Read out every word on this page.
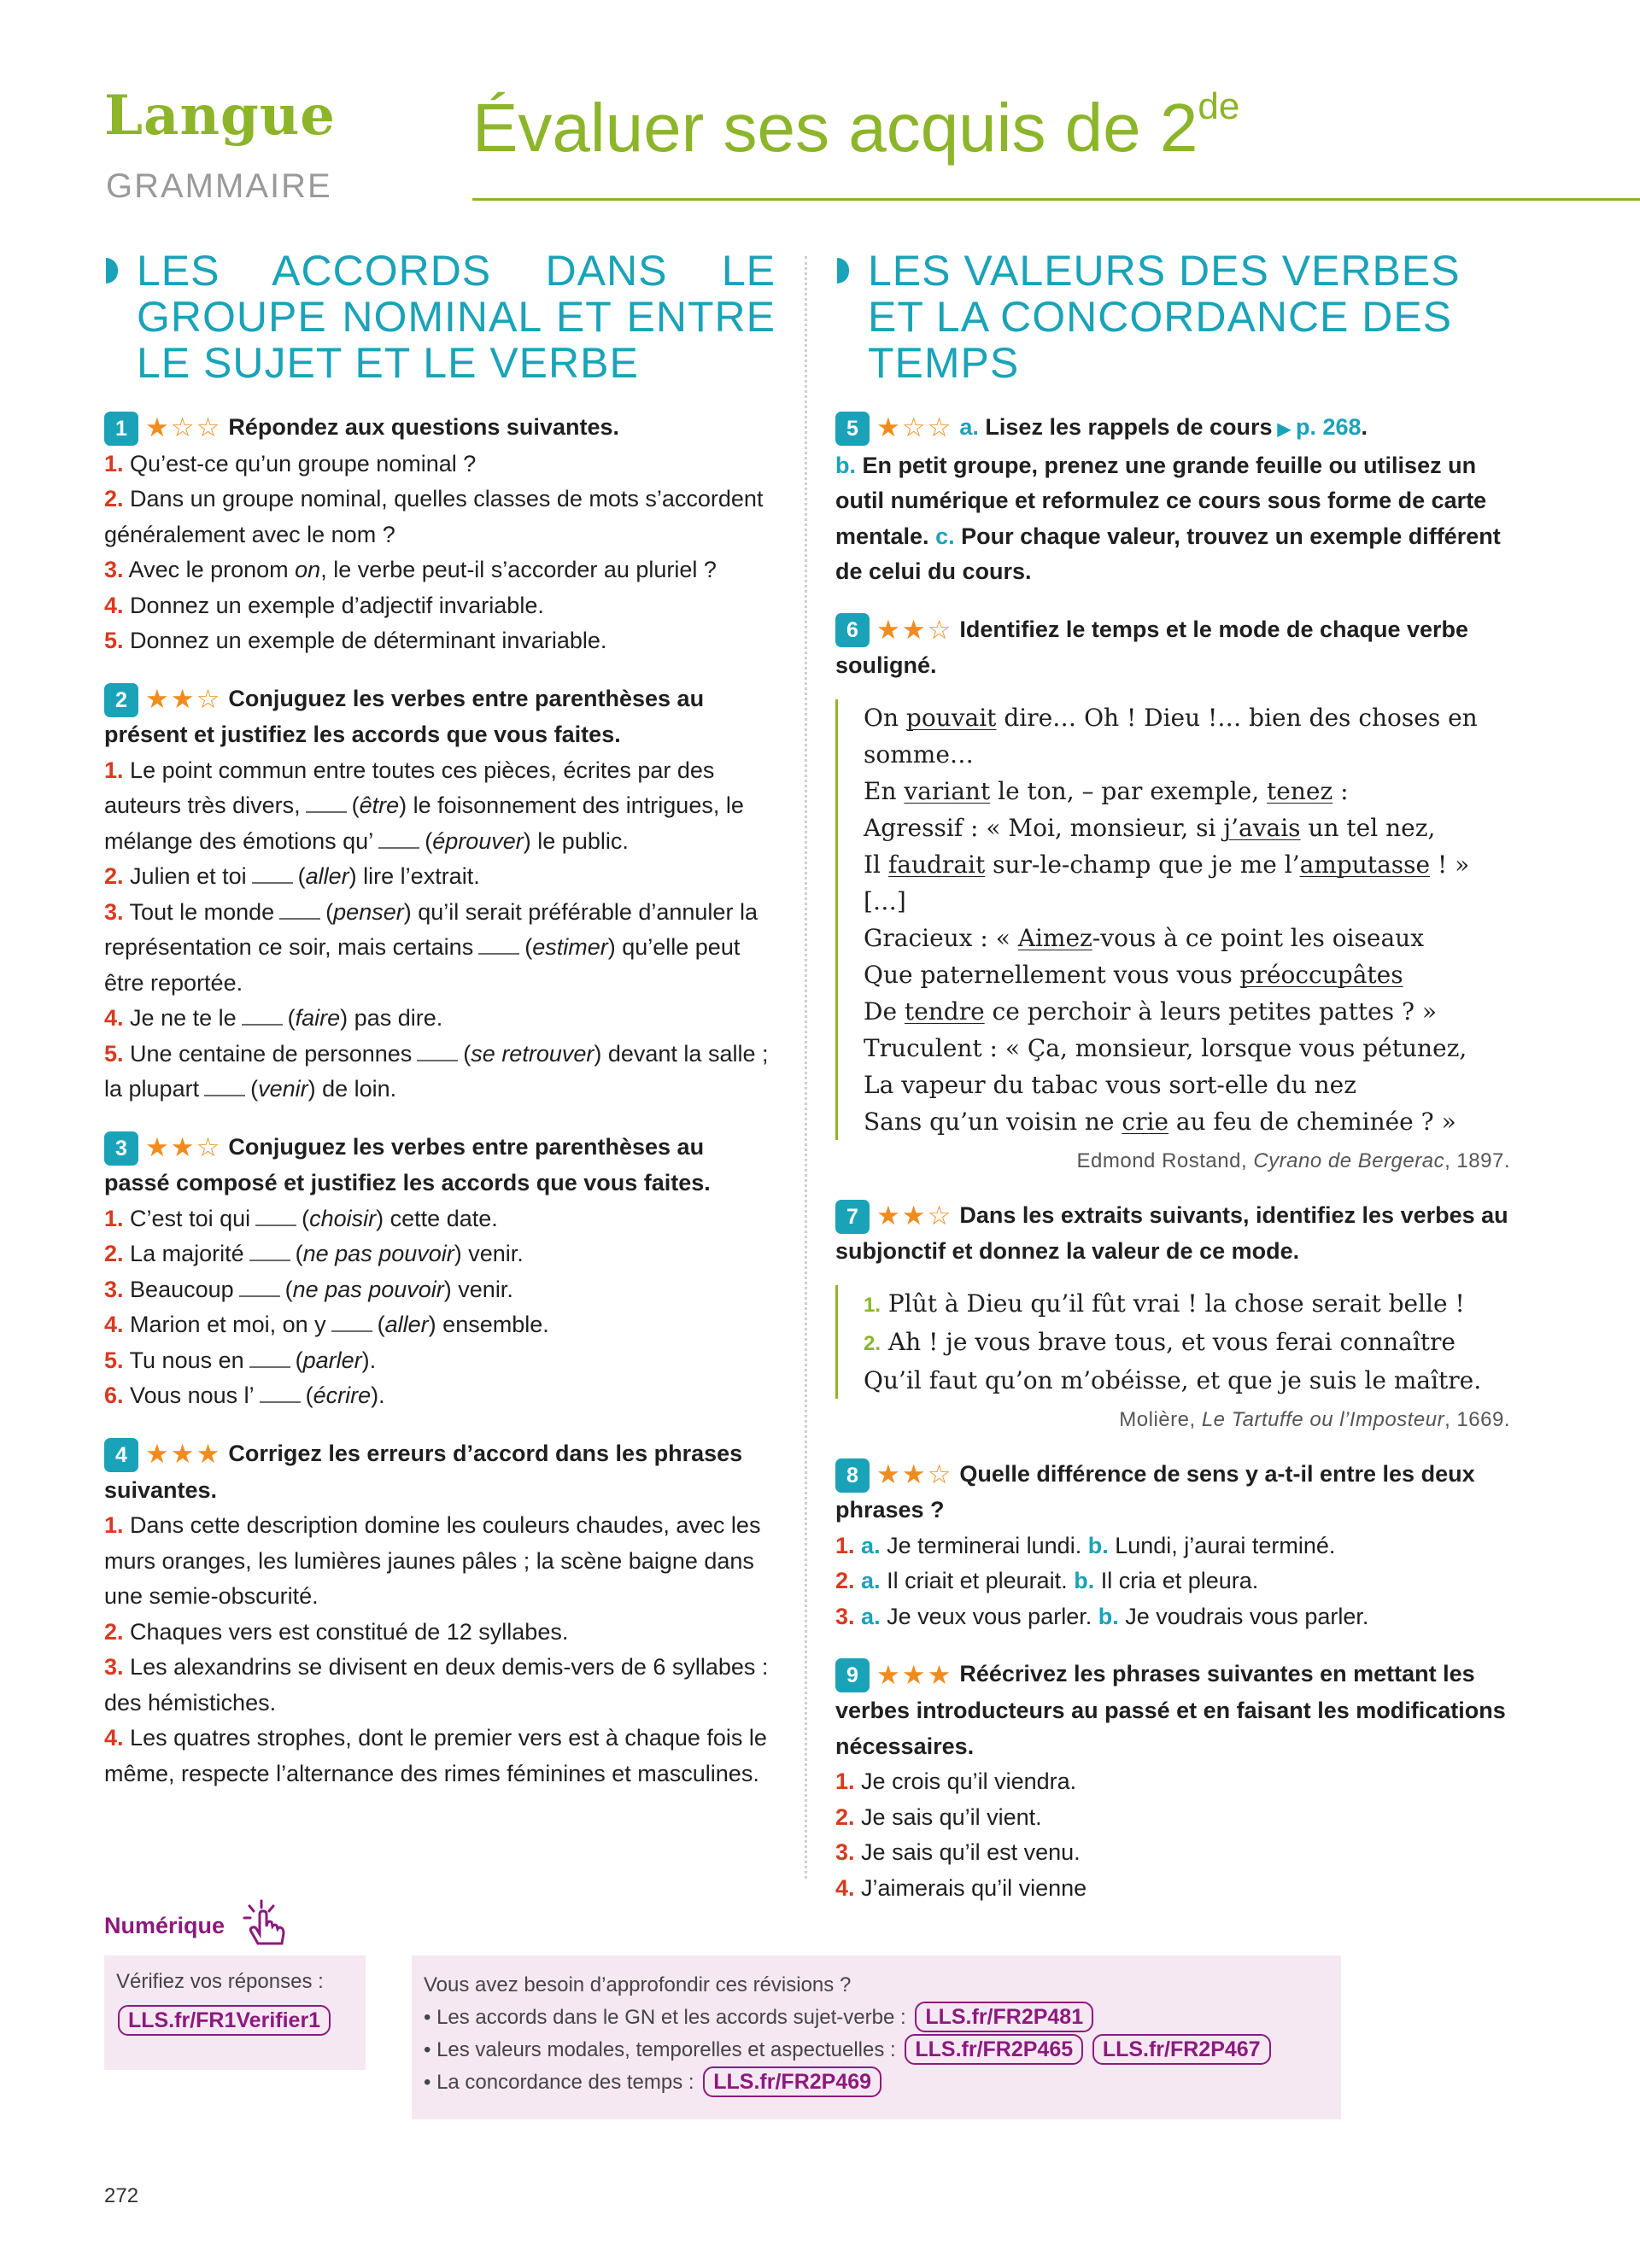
Langue
GRAMMAIRE
Évaluer ses acquis de 2de
LES ACCORDS DANS LE GROUPE NOMINAL ET ENTRE LE SUJET ET LE VERBE
1 ★☆☆ Répondez aux questions suivantes.
1. Qu’est-ce qu’un groupe nominal ?
2. Dans un groupe nominal, quelles classes de mots s’accordent généralement avec le nom ?
3. Avec le pronom on, le verbe peut-il s’accorder au pluriel ?
4. Donnez un exemple d’adjectif invariable.
5. Donnez un exemple de déterminant invariable.
2 ★★☆ Conjuguez les verbes entre parenthèses au présent et justifiez les accords que vous faites.
1. Le point commun entre toutes ces pièces, écrites par des auteurs très divers, (être) le foisonnement des intrigues, le mélange des émotions qu’ (éprouver) le public.
2. Julien et toi (aller) lire l’extrait.
3. Tout le monde (penser) qu’il serait préférable d’annuler la représentation ce soir, mais certains (estimer) qu’elle peut être reportée.
4. Je ne te le (faire) pas dire.
5. Une centaine de personnes (se retrouver) devant la salle ; la plupart (venir) de loin.
3 ★★☆ Conjuguez les verbes entre parenthèses au passé composé et justifiez les accords que vous faites.
1. C’est toi qui (choisir) cette date.
2. La majorité (ne pas pouvoir) venir.
3. Beaucoup (ne pas pouvoir) venir.
4. Marion et moi, on y (aller) ensemble.
5. Tu nous en (parler).
6. Vous nous l’ (écrire).
4 ★★★ Corrigez les erreurs d’accord dans les phrases suivantes.
1. Dans cette description domine les couleurs chaudes, avec les murs oranges, les lumières jaunes pâles ; la scène baigne dans une semie-obscurité.
2. Chaques vers est constitué de 12 syllabes.
3. Les alexandrins se divisent en deux demis-vers de 6 syllabes : des hémistiches.
4. Les quatres strophes, dont le premier vers est à chaque fois le même, respecte l’alternance des rimes féminines et masculines.
LES VALEURS DES VERBES ET LA CONCORDANCE DES TEMPS
5 ★☆☆ a. Lisez les rappels de cours ▶ p. 268.
b. En petit groupe, prenez une grande feuille ou utilisez un outil numérique et reformulez ce cours sous forme de carte mentale. c. Pour chaque valeur, trouvez un exemple différent de celui du cours.
6 ★★☆ Identifiez le temps et le mode de chaque verbe souligné.
On pouvait dire… Oh ! Dieu !… bien des choses en somme…
En variant le ton, – par exemple, tenez :
Agressif : « Moi, monsieur, si j’avais un tel nez,
Il faudrait sur-le-champ que je me l’amputasse ! » […]
Gracieux : « Aimez-vous à ce point les oiseaux
Que paternellement vous vous préoccupâtes
De tendre ce perchoir à leurs petites pattes ? »
Truculent : « Ça, monsieur, lorsque vous pétunez,
La vapeur du tabac vous sort-elle du nez
Sans qu’un voisin ne crie au feu de cheminée ? »
Edmond Rostand, Cyrano de Bergerac, 1897.
7 ★★☆ Dans les extraits suivants, identifiez les verbes au subjonctif et donnez la valeur de ce mode.
1. Plût à Dieu qu’il fût vrai ! la chose serait belle !
2. Ah ! je vous brave tous, et vous ferai connaître
Qu’il faut qu’on m’obéisse, et que je suis le maître.
Molière, Le Tartuffe ou l’Imposteur, 1669.
8 ★★☆ Quelle différence de sens y a-t-il entre les deux phrases ?
1. a. Je terminerai lundi. b. Lundi, j’aurai terminé.
2. a. Il criait et pleurait. b. Il cria et pleura.
3. a. Je veux vous parler. b. Je voudrais vous parler.
9 ★★★ Réécrivez les phrases suivantes en mettant les verbes introducteurs au passé et en faisant les modifications nécessaires.
1. Je crois qu’il viendra.
2. Je sais qu’il vient.
3. Je sais qu’il est venu.
4. J’aimerais qu’il vienne
Numérique
Vérifiez vos réponses :
LLS.fr/FR1Verifier1
Vous avez besoin d’approfondir ces révisions ?
• Les accords dans le GN et les accords sujet-verbe : LLS.fr/FR2P481
• Les valeurs modales, temporelles et aspectuelles : LLS.fr/FR2P465 LLS.fr/FR2P467
• La concordance des temps : LLS.fr/FR2P469
272
